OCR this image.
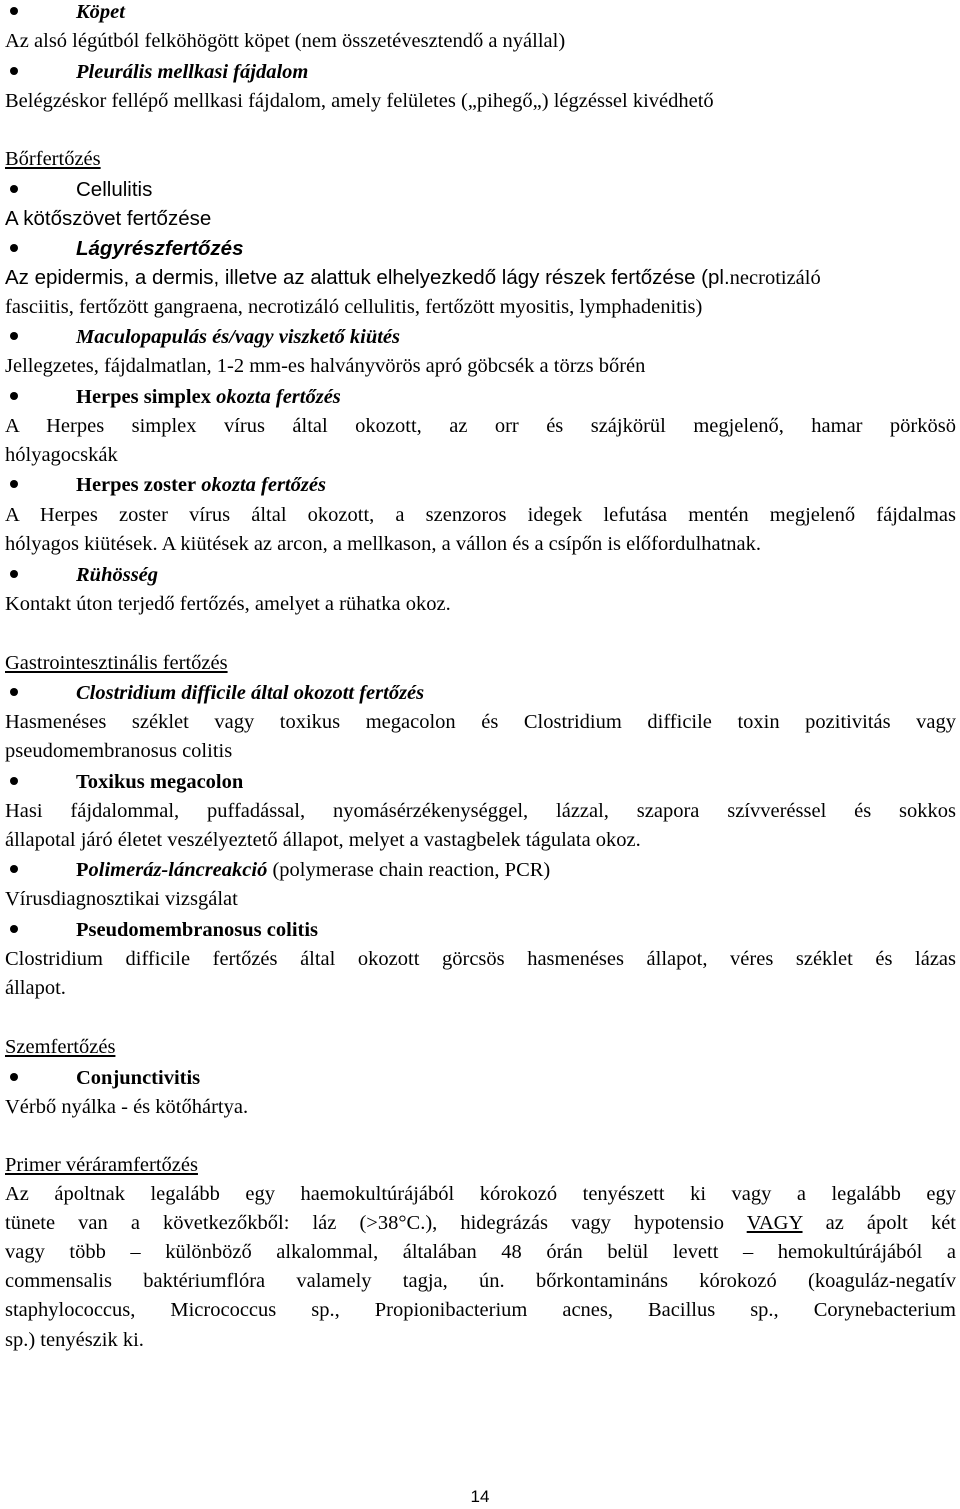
Köpet
Az alsó légútból felköhögött köpet (nem összetévesztendő a nyállal)
Pleurális mellkasi fájdalom
Belégzéskor fellépő mellkasi fájdalom, amely felületes („pihegő„) légzéssel kivédhető
Bőrfertőzés
Cellulitis
A kötőszövet fertőzése
Lágyrészfertőzés
Az epidermis, a dermis, illetve az alattuk elhelyezkedő lágy részek fertőzése (pl.necrotizáló
fasciitis, fertőzött gangraena, necrotizáló cellulitis, fertőzött myositis, lymphadenitis)
Maculopapulás és/vagy viszkető kiütés
Jellegzetes, fájdalmatlan, 1-2 mm-es halványvörös apró göbcsék a törzs bőrén
Herpes simplex okozta fertőzés
A Herpes simplex vírus által okozott, az orr és szájkörül megjelenő, hamar pörkösö
hólyagocskák
Herpes zoster okozta fertőzés
A Herpes zoster vírus által okozott, a szenzoros idegek lefutása mentén megjelenő fájdalmas
hólyagos kiütések. A kiütések az arcon, a mellkason, a vállon és a csípőn is előfordulhatnak.
Rühösség
Kontakt úton terjedő fertőzés, amelyet a rühatka okoz.
Gastrointesztinális fertőzés
Clostridium difficile által okozott fertőzés
Hasmenéses széklet vagy toxikus megacolon és Clostridium difficile toxin pozitivitás vagy
pseudomembranosus colitis
Toxikus megacolon
Hasi fájdalommal, puffadással, nyomásérzékenységgel, lázzal, szapora szívveréssel és sokkos
állapotal járó életet veszélyeztető állapot, melyet a vastagbelek tágulata okoz.
Polimeráz-láncreakció (polymerase chain reaction, PCR)
Vírusdiagnosztikai vizsgálat
Pseudomembranosus colitis
Clostridium difficile fertőzés által okozott görcsös hasmenéses állapot, véres széklet és lázas
állapot.
Szemfertőzés
Conjunctivitis
Vérbő nyálka - és kötőhártya.
Primer véráramfertőzés
Az ápoltnak legalább egy haemokultúrájából kórokozó tenyészett ki vagy a legalább egy
tünete van a következőkből: láz (>38°C.), hidegrázás vagy hypotensio VAGY az ápolt két
vagy több – különböző alkalommal, általában 48 órán belül levett – hemokultúrájából a
commensalis baktériumflóra valamely tagja, ún. bőrkontamináns kórokozó (koaguláz-negatív
staphylococcus, Micrococcus sp., Propionibacterium acnes, Bacillus sp., Corynebacterium
sp.) tenyészik ki.
14
